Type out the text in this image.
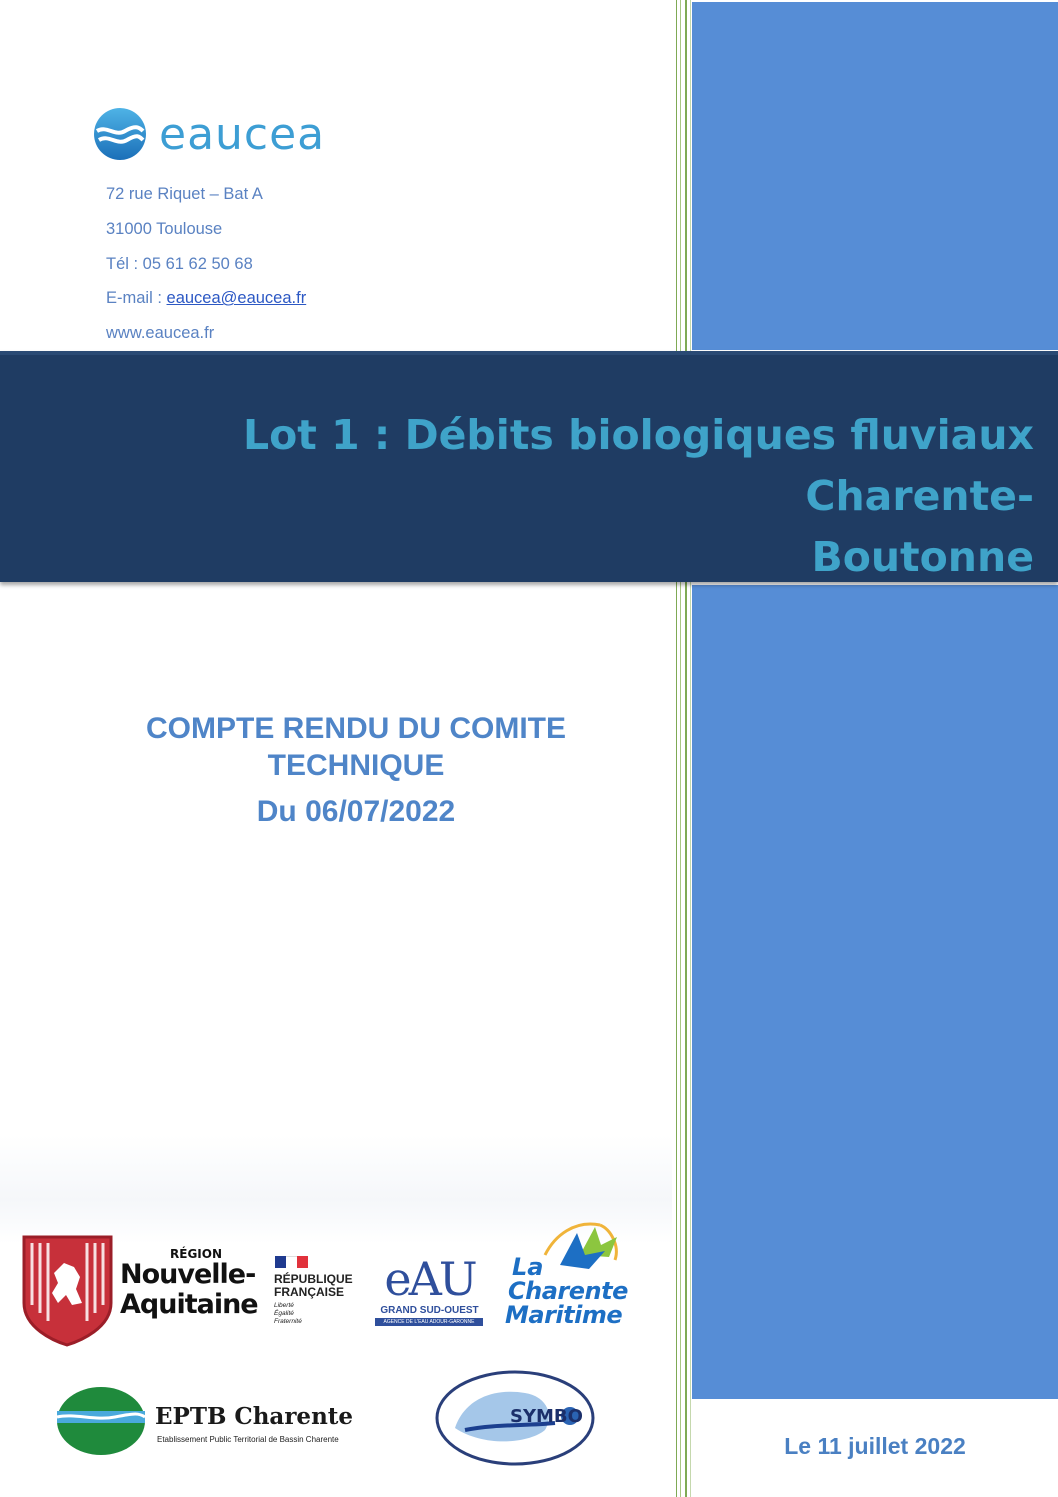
eaucea
72 rue Riquet – Bat A
31000 Toulouse
Tél : 05 61 62 50 68
E-mail : eaucea@eaucea.fr
www.eaucea.fr
Lot 1 : Débits biologiques fluviaux Charente-
Boutonne
COMPTE RENDU DU COMITE
TECHNIQUE
Du 06/07/2022
RÉGION
Nouvelle-
Aquitaine
RÉPUBLIQUE
FRANÇAISE
Liberté
Égalité
Fraternité
eAU
GRAND SUD-OUEST
AGENCE DE L'EAU ADOUR-GARONNE
La
Charente
Maritime
EPTB Charente
Etablissement Public Territorial de Bassin Charente
SYMBO
Le 11 juillet 2022
